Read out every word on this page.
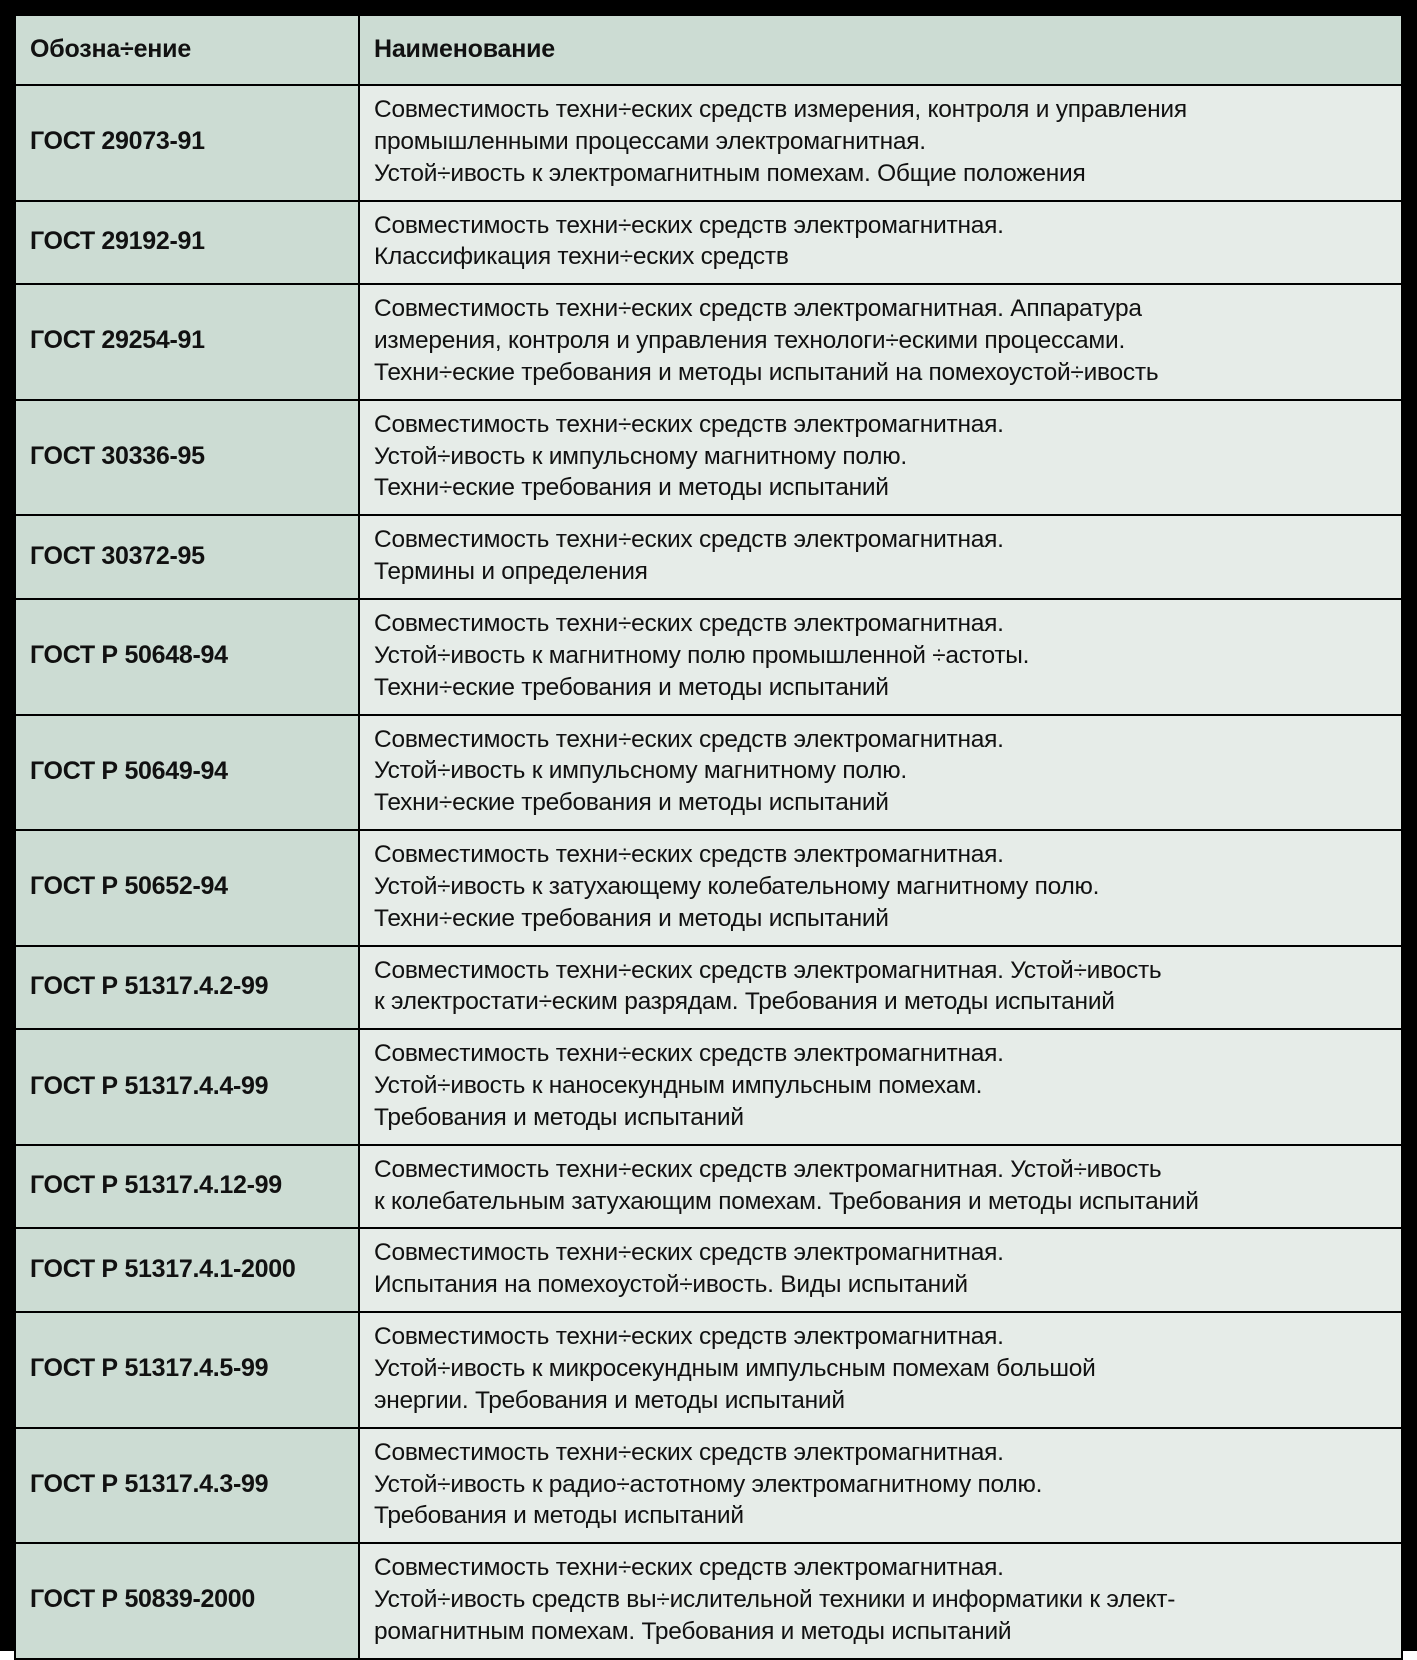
Обозна÷ение	Наименование
ГОСТ 29073-91	Совместимость техни÷еских средств измерения, контроля и управления
промышленными процессами электромагнитная.
Устой÷ивость к электромагнитным помехам. Общие положения

ГОСТ 29192-91	Совместимость техни÷еских средств электромагнитная.
Классификация техни÷еских средств

ГОСТ 29254-91	Совместимость техни÷еских средств электромагнитная. Аппаратура
измерения, контроля и управления технологи÷ескими процессами.
Техни÷еские требования и методы испытаний на помехоустой÷ивость

ГОСТ 30336-95	Совместимость техни÷еских средств электромагнитная.
Устой÷ивость к импульсному магнитному полю.
Техни÷еские требования и методы испытаний

ГОСТ 30372-95	Совместимость техни÷еских средств электромагнитная.
Термины и определения

ГОСТ Р 50648-94	Совместимость техни÷еских средств электромагнитная.
Устой÷ивость к магнитному полю промышленной ÷астоты.
Техни÷еские требования и методы испытаний

ГОСТ Р 50649-94	Совместимость техни÷еских средств электромагнитная.
Устой÷ивость к импульсному магнитному полю.
Техни÷еские требования и методы испытаний

ГОСТ Р 50652-94	Совместимость техни÷еских средств электромагнитная.
Устой÷ивость к затухающему колебательному магнитному полю.
Техни÷еские требования и методы испытаний

ГОСТ Р 51317.4.2-99	Совместимость техни÷еских средств электромагнитная. Устой÷ивость
к электростати÷еским разрядам. Требования и методы испытаний

ГОСТ Р 51317.4.4-99	Совместимость техни÷еских средств электромагнитная.
Устой÷ивость к наносекундным импульсным помехам.
Требования и методы испытаний

ГОСТ Р 51317.4.12-99	Совместимость техни÷еских средств электромагнитная. Устой÷ивость
к колебательным затухающим помехам. Требования и методы испытаний

ГОСТ Р 51317.4.1-2000	Совместимость техни÷еских средств электромагнитная.
Испытания на помехоустой÷ивость. Виды испытаний

ГОСТ Р 51317.4.5-99	Совместимость техни÷еских средств электромагнитная.
Устой÷ивость к микросекундным импульсным помехам большой
энергии. Требования и методы испытаний

ГОСТ Р 51317.4.3-99	Совместимость техни÷еских средств электромагнитная.
Устой÷ивость к радио÷астотному электромагнитному полю.
Требования и методы испытаний

ГОСТ Р 50839-2000	Совместимость техни÷еских средств электромагнитная.
Устой÷ивость средств вы÷ислительной техники и информатики к элект-
ромагнитным помехам. Требования и методы испытаний
